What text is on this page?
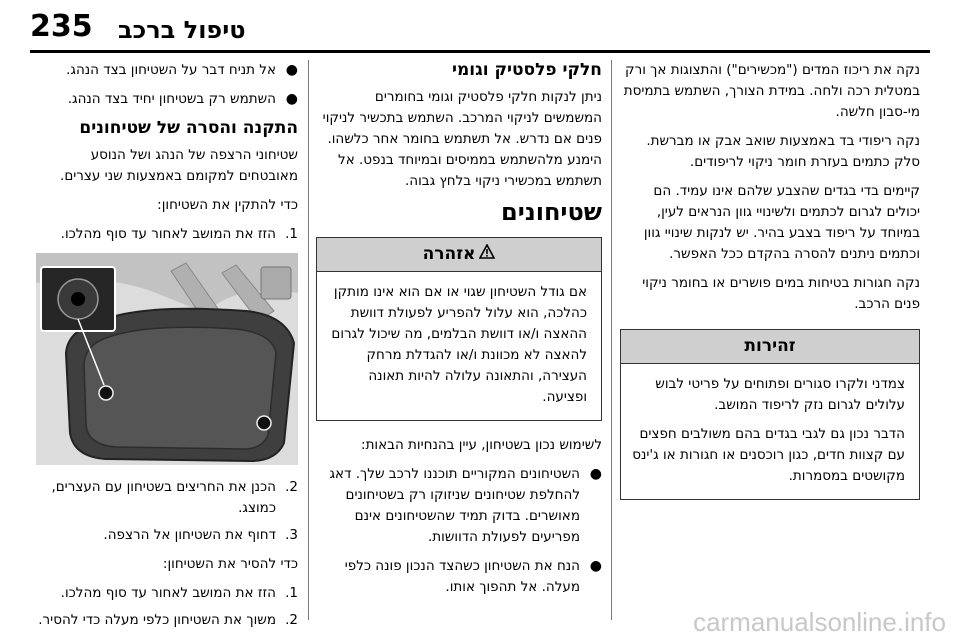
235 טיפול ברכב

נקה את ריכוז המדים ("מכשירים") והתצוגות אך ורק במטלית רכה ולחה. במידת הצורך, השתמש בתמיסת מי-סבון חלשה.

נקה ריפודי בד באמצעות שואב אבק או מברשת. סלק כתמים בעזרת חומר ניקוי לריפודים.

קיימים בדי בגדים שהצבע שלהם אינו עמיד. הם יכולים לגרום לכתמים ולשינויי גוון הנראים לעין, במיוחד על ריפוד בצבע בהיר. יש לנקות שינויי גוון וכתמים ניתנים להסרה בהקדם ככל האפשר.

נקה חגורות בטיחות במים פושרים או בחומר ניקוי פנים הרכב.

זהירות

צמדני ולקרו סגורים ופתוחים על פריטי לבוש עלולים לגרום נזק לריפוד המושב.

הדבר נכון גם לגבי בגדים בהם משולבים חפצים עם קצוות חדים, כגון רוכסנים או חגורות או ג'ינס מקושטים במסמרות.

חלקי פלסטיק וגומי

ניתן לנקות חלקי פלסטיק וגומי בחומרים המשמשים לניקוי המרכב. השתמש בתכשיר לניקוי פנים אם נדרש. אל תשתמש בחומר אחר כלשהו. הימנע מלהשתמש בממיסים ובמיוחד בנפט. אל תשתמש במכשירי ניקוי בלחץ גבוה.

שטיחונים
אזהרה
אם גודל השטיחון שגוי או אם הוא אינו מותקן כהלכה, הוא עלול להפריע לפעולת דוושת ההאצה ו/או דוושת הבלמים, מה שיכול לגרום להאצה לא מכוונת ו/או להגדלת מרחק העצירה, והתאונה עלולה להיות תאונה ופציעה.

לשימוש נכון בשטיחון, עיין בהנחיות הבאות:

●
השטיחונים המקוריים תוכננו לרכב שלך. דאג להחלפת שטיחונים שניזוקו רק בשטיחונים מאושרים. בדוק תמיד שהשטיחונים אינם מפריעים לפעולת הדוושות.
●
הנח את השטיחון כשהצד הנכון פונה כלפי מעלה. אל תהפוך אותו.
●
אל תניח דבר על השטיחון בצד הנהג.
●
השתמש רק בשטיחון יחיד בצד הנהג.
התקנה והסרה של שטיחונים

שטיחוני הרצפה של הנהג ושל הנוסע מאובטחים למקומם באמצעות שני עצרים.

כדי להתקין את השטיחון:

1.
הזז את המושב לאחור עד סוף מהלכו.
2.
הכנן את החריצים בשטיחון עם העצרים, כמוצג.
3.
דחוף את השטיחון אל הרצפה.

כדי להסיר את השטיחון:

1.
הזז את המושב לאחור עד סוף מהלכו.
2.
משוך את השטיחון כלפי מעלה כדי להסיר.	carmanualsonline.info
